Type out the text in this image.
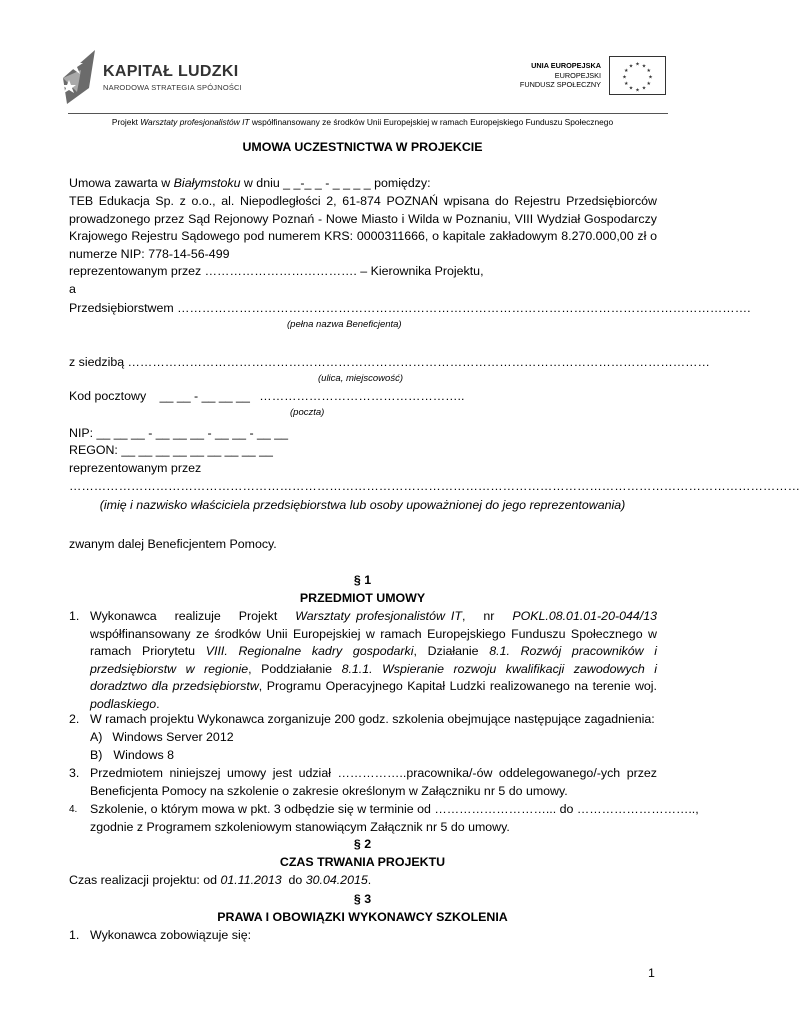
KAPITAŁ LUDZKI
NARODOWA STRATEGIA SPÓJNOŚCI
UNIA EUROPEJSKA
EUROPEJSKI
FUNDUSZ SPOŁECZNY
★ ★
★
★
★
★
★
★
★
★
★
★
Projekt Warsztaty profesjonalistów IT współfinansowany ze środków Unii Europejskiej w ramach Europejskiego Funduszu Społecznego
UMOWA UCZESTNICTWA W PROJEKCIE
Umowa zawarta w Białymstoku w dniu _ _-_ _ - _ _ _ _ pomiędzy:
TEB Edukacja Sp. z o.o., al. Niepodległości 2, 61-874 POZNAŃ wpisana do Rejestru Przedsiębiorców
prowadzonego przez Sąd Rejonowy Poznań - Nowe Miasto i Wilda w Poznaniu, VIII Wydział Gospodarczy
Krajowego Rejestru Sądowego pod numerem KRS: 0000311666, o kapitale zakładowym 8.270.000,00 zł o
numerze NIP: 778-14-56-499
reprezentowanym przez ………………………………. – Kierownika Projektu,
a
Przedsiębiorstwem ………………………………………………………………………………………………………………………….
(pełna nazwa Beneficjenta)
z siedzibą ……………………………………………………………………………………………………………………………
(ulica, miejscowość)
Kod pocztowy __ __ - __ __ __ …………………………………………..
(poczta)
NIP: __ __ __ - __ __ __ - __ __ - __ __
REGON: __ __ __ __ __ __ __ __ __
reprezentowanym przez
……………………………………………………………………………………………………………………………………………………………
(imię i nazwisko właściciela przedsiębiorstwa lub osoby upoważnionej do jego reprezentowania)
zwanym dalej Beneficjentem Pomocy.
§ 1
PRZEDMIOT UMOWY
1. Wykonawca   realizuje   Projekt   Warsztaty profesjonalistów IT,   nr   POKL.08.01.01-20-044/13
współfinansowany ze środków Unii Europejskiej w ramach Europejskiego Funduszu Społecznego w
ramach Priorytetu VIII. Regionalne kadry gospodarki, Działanie 8.1. Rozwój pracowników i
przedsiębiorstw w regionie, Poddziałanie 8.1.1. Wspieranie rozwoju kwalifikacji zawodowych i
doradztwo dla przedsiębiorstw, Programu Operacyjnego Kapitał Ludzki realizowanego na terenie woj.
podlaskiego.
2. W ramach projektu Wykonawca zorganizuje 200 godz. szkolenia obejmujące następujące zagadnienia:
A) Windows Server 2012
B) Windows 8
3. Przedmiotem niniejszej umowy jest udział ……………..pracownika/-ów oddelegowanego/-ych przez
Beneficjenta Pomocy na szkolenie o zakresie określonym w Załączniku nr 5 do umowy.
4. Szkolenie, o którym mowa w pkt. 3 odbędzie się w terminie od ………………………... do ………………………..,
zgodnie z Programem szkoleniowym stanowiącym Załącznik nr 5 do umowy.
§ 2
CZAS TRWANIA PROJEKTU
Czas realizacji projektu: od 01.11.2013  do 30.04.2015.
§ 3
PRAWA I OBOWIĄZKI WYKONAWCY SZKOLENIA
1. Wykonawca zobowiązuje się:
1
